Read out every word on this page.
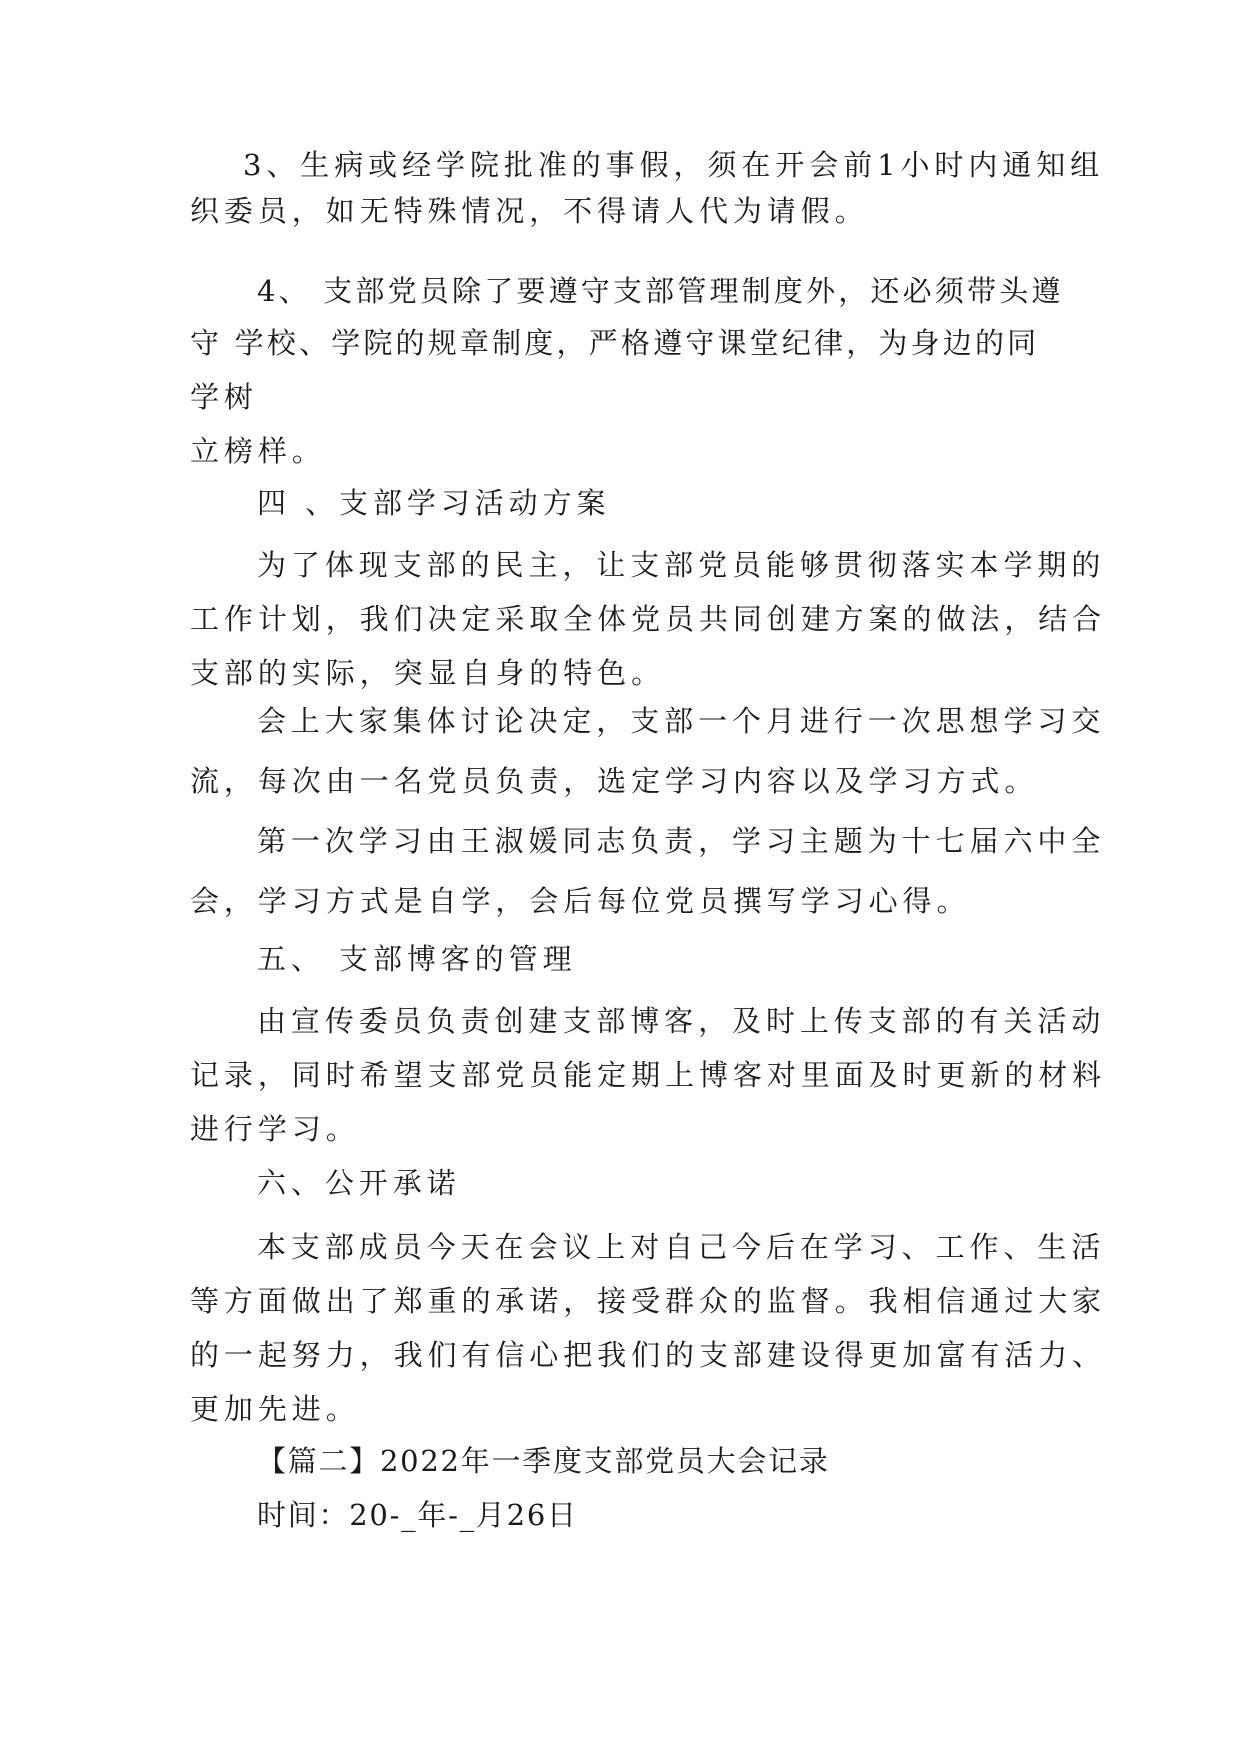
3、生病或经学院批准的事假，须在开会前1小时内通知组
织委员，如无特殊情况，不得请人代为请假。
4、 支部党员除了要遵守支部管理制度外，还必须带头遵
守 学校、学院的规章制度，严格遵守课堂纪律，为身边的同
学树
立榜样。
四 、支部学习活动方案
为了体现支部的民主，让支部党员能够贯彻落实本学期的
工作计划，我们决定采取全体党员共同创建方案的做法，结合
支部的实际，突显自身的特色。
会上大家集体讨论决定，支部一个月进行一次思想学习交
流，每次由一名党员负责，选定学习内容以及学习方式。
第一次学习由王淑媛同志负责，学习主题为十七届六中全
会，学习方式是自学，会后每位党员撰写学习心得。
五、 支部博客的管理
由宣传委员负责创建支部博客，及时上传支部的有关活动
记录，同时希望支部党员能定期上博客对里面及时更新的材料
进行学习。
六、公开承诺
本支部成员今天在会议上对自己今后在学习、工作、生活
等方面做出了郑重的承诺，接受群众的监督。我相信通过大家
的一起努力，我们有信心把我们的支部建设得更加富有活力、
更加先进。
【篇二】2022年一季度支部党员大会记录
时间：20-_年-_月26日
